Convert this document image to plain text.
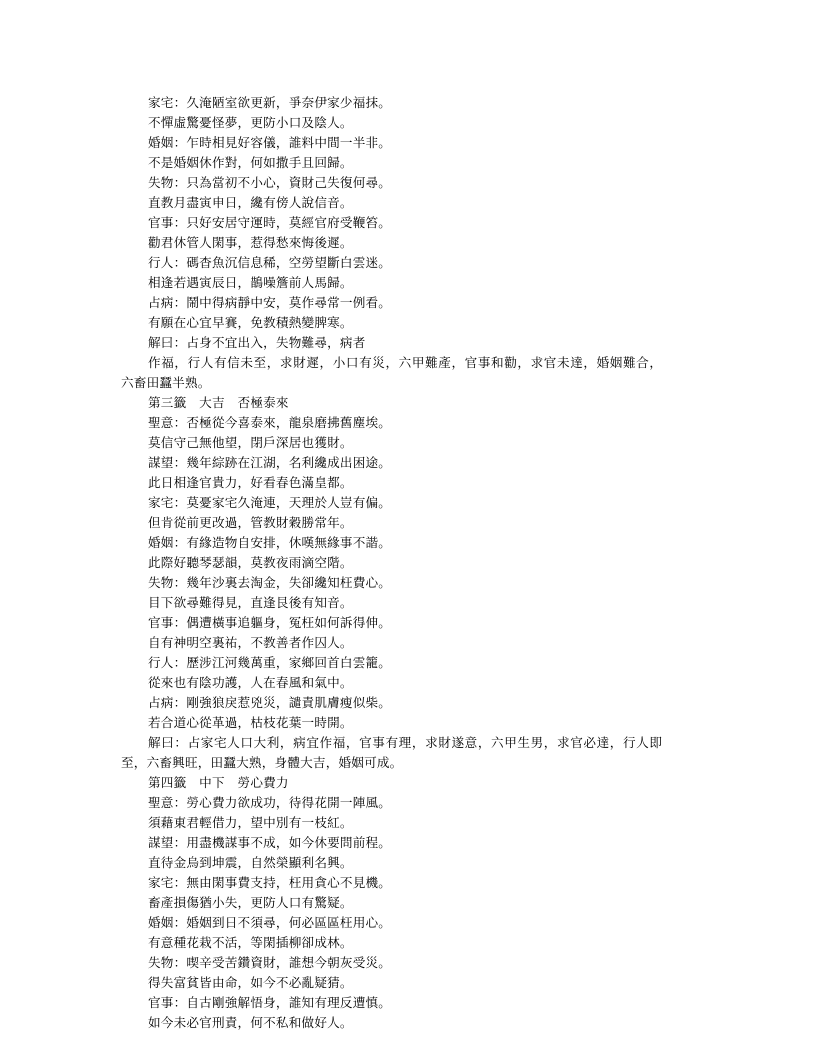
家宅：久淹陋室欲更新，爭奈伊家少福抹。
不憚虛驚憂怪夢，更防小口及陰人。
婚姻：乍時相見好容儀，誰料中間一半非。
不是婚姻休作對，何如撒手且回歸。
失物：只為當初不小心，資財己失復何尋。
直教月盡寅申日，纔有傍人說信音。
官事：只好安居守運時，莫經官府受鞭笞。
勸君休管人閑事，惹得愁來悔後遲。
行人：碼杳魚沉信息稀，空勞望斷白雲迷。
相逢若遇寅辰日，鵲噪簷前人馬歸。
占病：鬧中得病靜中安，莫作尋常一例看。
有願在心宜早賽，免教積熱變脾寒。
解曰：占身不宜出入，失物難尋，病者
作福，行人有信未至，求財遲，小口有災，六甲難產，官事和勸，求官未達，婚姻難合，
六畜田蠶半熟。
第三籤　大吉　否極泰來
聖意：否極從今喜泰來，龍泉磨拂舊塵埃。
莫信守己無他望，閉戶深居也獲財。
謀望：幾年綜跡在江湖，名利纔成出困途。
此日相逢官貴力，好看春色滿皇都。
家宅：莫憂家宅久淹連，天理於人豈有偏。
但肯從前更改過，管教財穀勝常年。
婚姻：有緣造物自安排，休嘆無緣事不諧。
此際好聽琴瑟韻，莫教夜雨滴空階。
失物：幾年沙裏去淘金，失卻纔知枉費心。
目下欲尋難得見，直逢艮後有知音。
官事：偶遭橫事追軀身，冤枉如何訴得伸。
自有神明空裏祐，不教善者作囚人。
行人：歷涉江河幾萬重，家鄉回首白雲籠。
從來也有陰功護，人在春風和氣中。
占病：剛強狼戾惹兇災，譴責肌膚瘦似柴。
若合道心從革過，枯枝花葉一時開。
解曰：占家宅人口大利，病宜作福，官事有理，求財遂意，六甲生男，求官必達，行人即
至，六畜興旺，田蠶大熟，身體大吉，婚姻可成。
第四籤　中下　勞心費力
聖意：勞心費力欲成功，待得花開一陣風。
須藉東君輕借力，望中別有一枝紅。
謀望：用盡機謀事不成，如今休要問前程。
直待金烏到坤震，自然榮顯利名興。
家宅：無由閑事費支持，枉用貪心不見機。
畜產損傷猶小失，更防人口有驚疑。
婚姻：婚姻到日不須尋，何必區區枉用心。
有意種花栽不活，等閑插柳卻成林。
失物：喫辛受苦鑽資財，誰想今朝灰受災。
得失富貧皆由命，如今不必亂疑猜。
官事：自古剛強解悟身，誰知有理反遭慎。
如今未必官刑責，何不私和做好人。
